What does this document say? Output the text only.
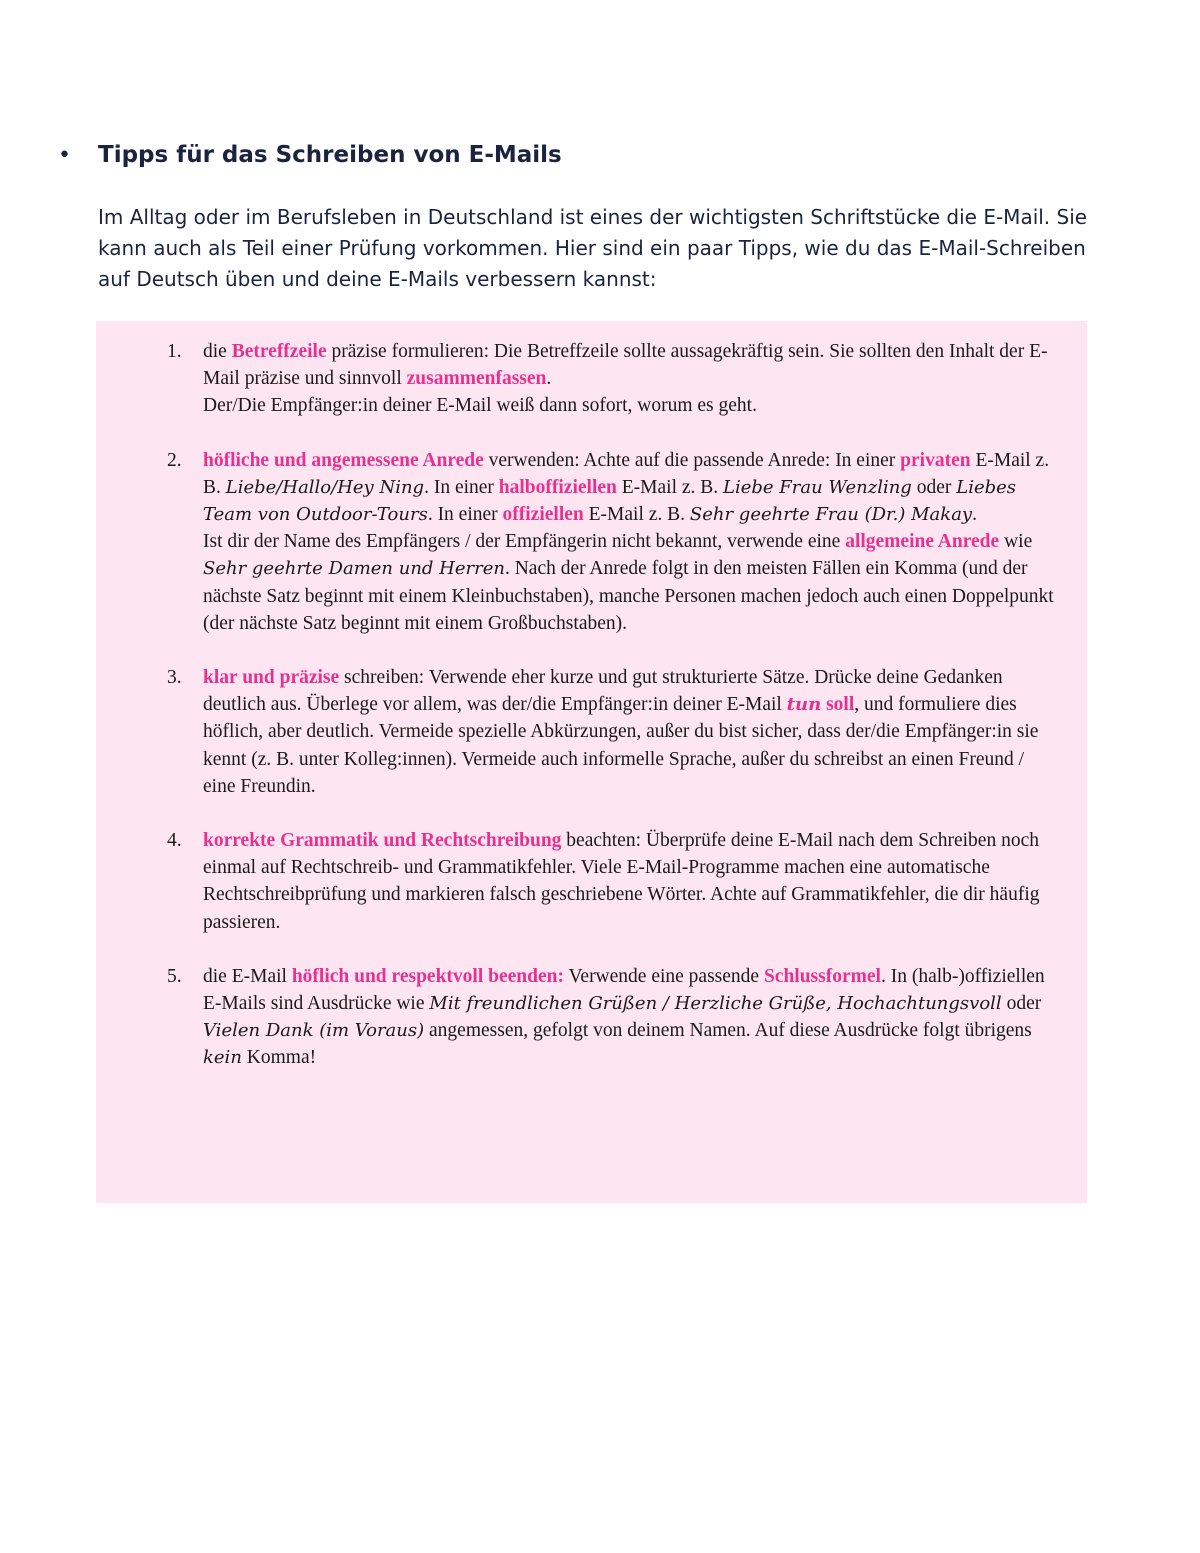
•	Tipps für das Schreiben von E-Mails

Im Alltag oder im Berufsleben in Deutschland ist eines der wichtigsten Schriftstücke die E-Mail. Sie kann auch als Teil einer Prüfung vorkommen. Hier sind ein paar Tipps, wie du das E-Mail-Schreiben auf Deutsch üben und deine E-Mails verbessern kannst:

1.	die Betreffzeile präzise formulieren: Die Betreffzeile sollte aussagekräftig sein. Sie sollten den Inhalt der E-Mail präzise und sinnvoll zusammenfassen.
Der/Die Empfänger:in deiner E-Mail weiß dann sofort, worum es geht.
2.	höfliche und angemessene Anrede verwenden: Achte auf die passende Anrede: In einer privaten E-Mail z. B. Liebe/Hallo/Hey Ning. In einer halboffiziellen E-Mail z. B. Liebe Frau Wenzling oder Liebes Team von Outdoor-Tours. In einer offiziellen E-Mail z. B. Sehr geehrte Frau (Dr.) Makay.
Ist dir der Name des Empfängers / der Empfängerin nicht bekannt, verwende eine allgemeine Anrede wie Sehr geehrte Damen und Herren. Nach der Anrede folgt in den meisten Fällen ein Komma (und der nächste Satz beginnt mit einem Kleinbuchstaben), manche Personen machen jedoch auch einen Doppelpunkt (der nächste Satz beginnt mit einem Großbuchstaben).
3.	klar und präzise schreiben: Verwende eher kurze und gut strukturierte Sätze. Drücke deine Gedanken deutlich aus. Überlege vor allem, was der/die Empfänger:in deiner E-Mail tun soll, und formuliere dies höflich, aber deutlich. Vermeide spezielle Abkürzungen, außer du bist sicher, dass der/die Empfänger:in sie kennt (z. B. unter Kolleg:innen). Vermeide auch informelle Sprache, außer du schreibst an einen Freund / eine Freundin.
4.	korrekte Grammatik und Rechtschreibung beachten: Überprüfe deine E-Mail nach dem Schreiben noch einmal auf Rechtschreib- und Grammatikfehler. Viele E-Mail-Programme machen eine automatische Rechtschreibprüfung und markieren falsch geschriebene Wörter. Achte auf Grammatikfehler, die dir häufig passieren.
5.	die E-Mail höflich und respektvoll beenden: Verwende eine passende Schlussformel. In (halb-)offiziellen E-Mails sind Ausdrücke wie Mit freundlichen Grüßen / Herzliche Grüße, Hochachtungsvoll oder Vielen Dank (im Voraus) angemessen, gefolgt von deinem Namen. Auf diese Ausdrücke folgt übrigens kein Komma!
